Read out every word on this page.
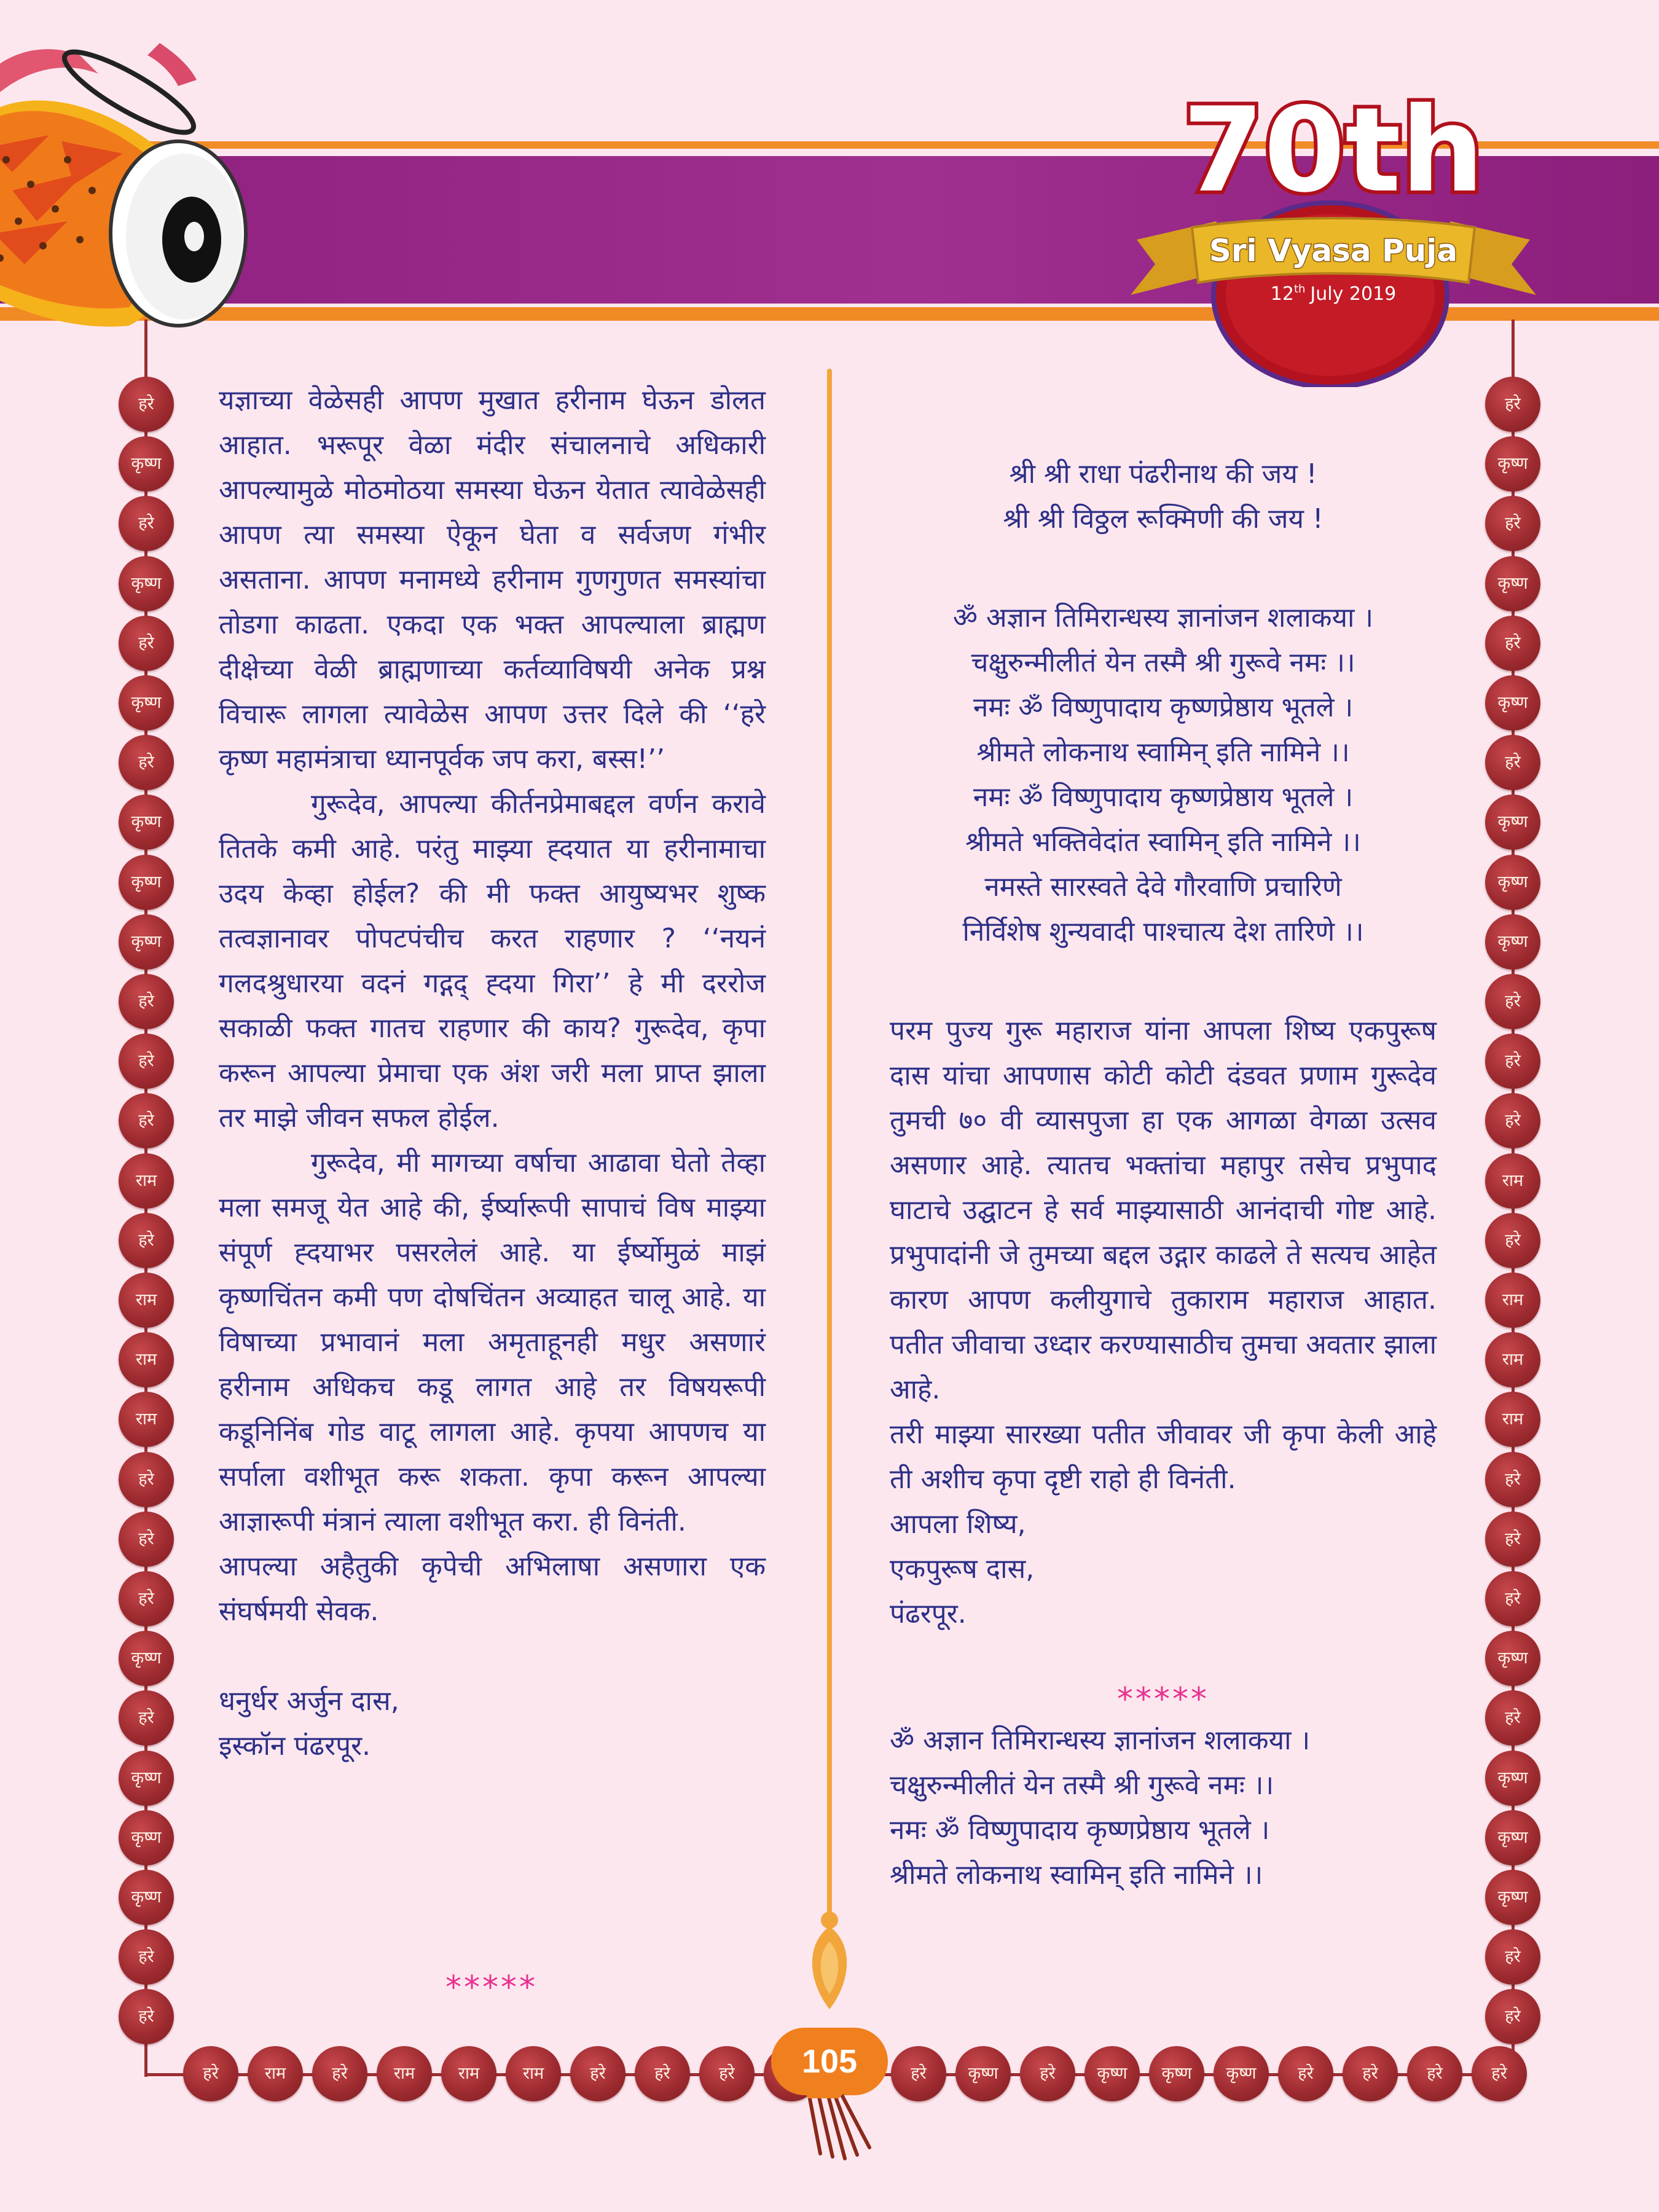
70th
Sri Vyasa Puja
12th July 2019
हरे
कृष्ण
हरे
कृष्ण
हरे
कृष्ण
हरे
कृष्ण
कृष्ण
कृष्ण
हरे
हरे
हरे
राम
हरे
राम
राम
राम
हरे
हरे
हरे
कृष्ण
हरे
कृष्ण
कृष्ण
कृष्ण
हरे
हरे
हरे
कृष्ण
हरे
कृष्ण
हरे
कृष्ण
हरे
कृष्ण
कृष्ण
कृष्ण
हरे
हरे
हरे
राम
हरे
राम
राम
राम
हरे
हरे
हरे
कृष्ण
हरे
कृष्ण
कृष्ण
कृष्ण
हरे
हरे
हरे	राम	हरे	राम	राम	राम	हरे	हरे	हरे	हरे	कृष्ण	हरे	कृष्ण	कृष्ण	कृष्ण	हरे	हरे	हरे	हरे
105

यज्ञाच्या वेळेसही आपण मुखात हरीनाम घेऊन डोलत आहात. भरूपूर वेळा मंदीर संचालनाचे अधिकारी आपल्यामुळे मोठमोठया समस्या घेऊन येतात त्यावेळेसही आपण त्या समस्या ऐकून घेता व सर्वजण गंभीर असताना. आपण मनामध्ये हरीनाम गुणगुणत समस्यांचा तोडगा काढता. एकदा एक भक्त आपल्याला ब्राह्मण दीक्षेच्या वेळी ब्राह्मणाच्या कर्तव्याविषयी अनेक प्रश्न विचारू लागला त्यावेळेस आपण उत्तर दिले की ‘‘हरे कृष्ण महामंत्राचा ध्यानपूर्वक जप करा, बस्स!’’

गुरूदेव, आपल्या कीर्तनप्रेमाबद्दल वर्णन करावे तितके कमी आहे. परंतु माझ्या ह्दयात या हरीनामाचा उदय केव्हा होईल? की मी फक्त आयुष्यभर शुष्क तत्वज्ञानावर पोपटपंचीच करत राहणार ? ‘‘नयनं गलदश्रुधारया वदनं गद्गद् ह्दया गिरा’’ हे मी दररोज सकाळी फक्त गातच राहणार की काय? गुरूदेव, कृपा करून आपल्या प्रेमाचा एक अंश जरी मला प्राप्त झाला तर माझे जीवन सफल होईल.

गुरूदेव, मी मागच्या वर्षाचा आढावा घेतो तेव्हा मला समजू येत आहे की, ईर्ष्यारूपी सापाचं विष माझ्या संपूर्ण ह्दयाभर पसरलेलं आहे. या ईर्ष्योमुळं माझं कृष्णचिंतन कमी पण दोषचिंतन अव्याहत चालू आहे. या विषाच्या प्रभावानं मला अमृताहूनही मधुर असणारं हरीनाम अधिकच कडू लागत आहे तर विषयरूपी कडूनिनिंब गोड वाटू लागला आहे. कृपया आपणच या सर्पाला वशीभूत करू शकता. कृपा करून आपल्या आज्ञारूपी मंत्रानं त्याला वशीभूत करा. ही विनंती.

आपल्या अहैतुकी कृपेची अभिलाषा असणारा एक संघर्षमयी सेवक.

धनुर्धर अर्जुन दास,

इस्कॉन पंढरपूर.

*****

श्री श्री राधा पंढरीनाथ की जय !

श्री श्री विठ्ठल रूक्मिणी की जय !

ॐ अज्ञान तिमिरान्धस्य ज्ञानांजन शलाकया ।

चक्षुरुन्मीलीतं येन तस्मै श्री गुरूवे नमः ।।

नमः ॐ विष्णुपादाय कृष्णप्रेष्ठाय भूतले ।

श्रीमते लोकनाथ स्वामिन् इति नामिने ।।

नमः ॐ विष्णुपादाय कृष्णप्रेष्ठाय भूतले ।

श्रीमते भक्तिवेदांत स्वामिन् इति नामिने ।।

नमस्ते सारस्वते देवे गौरवाणि प्रचारिणे

निर्विशेष शुन्यवादी पाश्चात्य देश तारिणे ।।

परम पुज्य गुरू महाराज यांना आपला शिष्य एकपुरूष दास यांचा आपणास कोटी कोटी दंडवत प्रणाम गुरूदेव तुमची ७० वी व्यासपुजा हा एक आगळा वेगळा उत्सव असणार आहे. त्यातच भक्तांचा महापुर तसेच प्रभुपाद घाटाचे उद्घाटन हे सर्व माझ्यासाठी आनंदाची गोष्ट आहे. प्रभुपादांनी जे तुमच्या बद्दल उद्गार काढले ते सत्यच आहेत कारण आपण कलीयुगाचे तुकाराम महाराज आहात. पतीत जीवाचा उध्दार करण्यासाठीच तुमचा अवतार झाला आहे.

तरी माझ्या सारख्या पतीत जीवावर जी कृपा केली आहे ती अशीच कृपा दृष्टी राहो ही विनंती.

आपला शिष्य,

एकपुरूष दास,

पंढरपूर.

*****

ॐ अज्ञान तिमिरान्धस्य ज्ञानांजन शलाकया ।

चक्षुरुन्मीलीतं येन तस्मै श्री गुरूवे नमः ।।

नमः ॐ विष्णुपादाय कृष्णप्रेष्ठाय भूतले ।

श्रीमते लोकनाथ स्वामिन् इति नामिने ।।
